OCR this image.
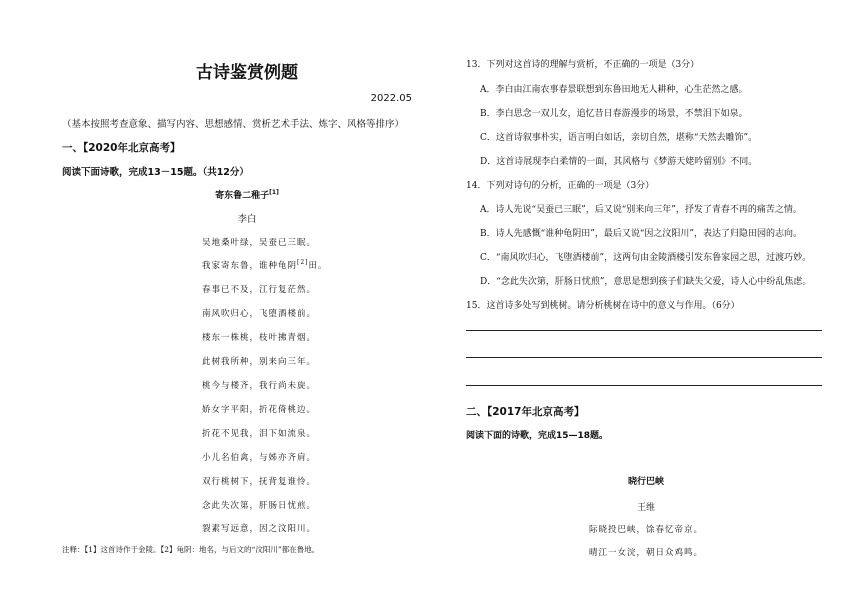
古诗鉴赏例题
2022.05
（基本按照考查意象、描写内容、思想感情、赏析艺术手法、炼字、风格等排序）
一、【2020年北京高考】
阅读下面诗歌，完成13－15题。（共12分）
寄东鲁二稚子[1]
李白
吴地桑叶绿，吴蚕已三眠。
我家寄东鲁，谁种龟阴[2]田。
春事已不及，江行复茫然。
南风吹归心，飞堕酒楼前。
楼东一株桃，枝叶拂青烟。
此树我所种，别来向三年。
桃今与楼齐，我行尚未旋。
娇女字平阳，折花倚桃边。
折花不见我，泪下如流泉。
小儿名伯禽，与姊亦齐肩。
双行桃树下，抚背复谁怜。
念此失次第，肝肠日忧煎。
裂素写远意，因之汶阳川。
注释：【1】这首诗作于金陵。【2】龟阴：地名，与后文的“汶阳川”都在鲁地。
13．下列对这首诗的理解与赏析，不正确的一项是（3分）
A．李白由江南农事春景联想到东鲁田地无人耕种，心生茫然之感。
B．李白思念一双儿女，追忆昔日春游漫步的场景，不禁泪下如泉。
C．这首诗叙事朴实，语言明白如话，亲切自然，堪称“天然去雕饰”。
D．这首诗展现李白柔情的一面，其风格与《梦游天姥吟留别》不同。
14．下列对诗句的分析，正确的一项是（3分）
A．诗人先说“吴蚕已三眠”，后又说“别来向三年”，抒发了青春不再的痛苦之情。
B．诗人先感慨“谁种龟阴田”，最后又说“因之汶阳川”，表达了归隐田园的志向。
C．“南风吹归心，飞堕酒楼前”，这两句由金陵酒楼引发东鲁家园之思，过渡巧妙。
D．“念此失次第，肝肠日忧煎”，意思是想到孩子们缺失父爱，诗人心中纷乱焦虑。
15．这首诗多处写到桃树。请分析桃树在诗中的意义与作用。（6分）
二、【2017年北京高考】
阅读下面的诗歌，完成15—18题。
晓行巴峡
王维
际晓投巴峡，馀春忆帝京。
晴江一女浣，朝日众鸡鸣。
